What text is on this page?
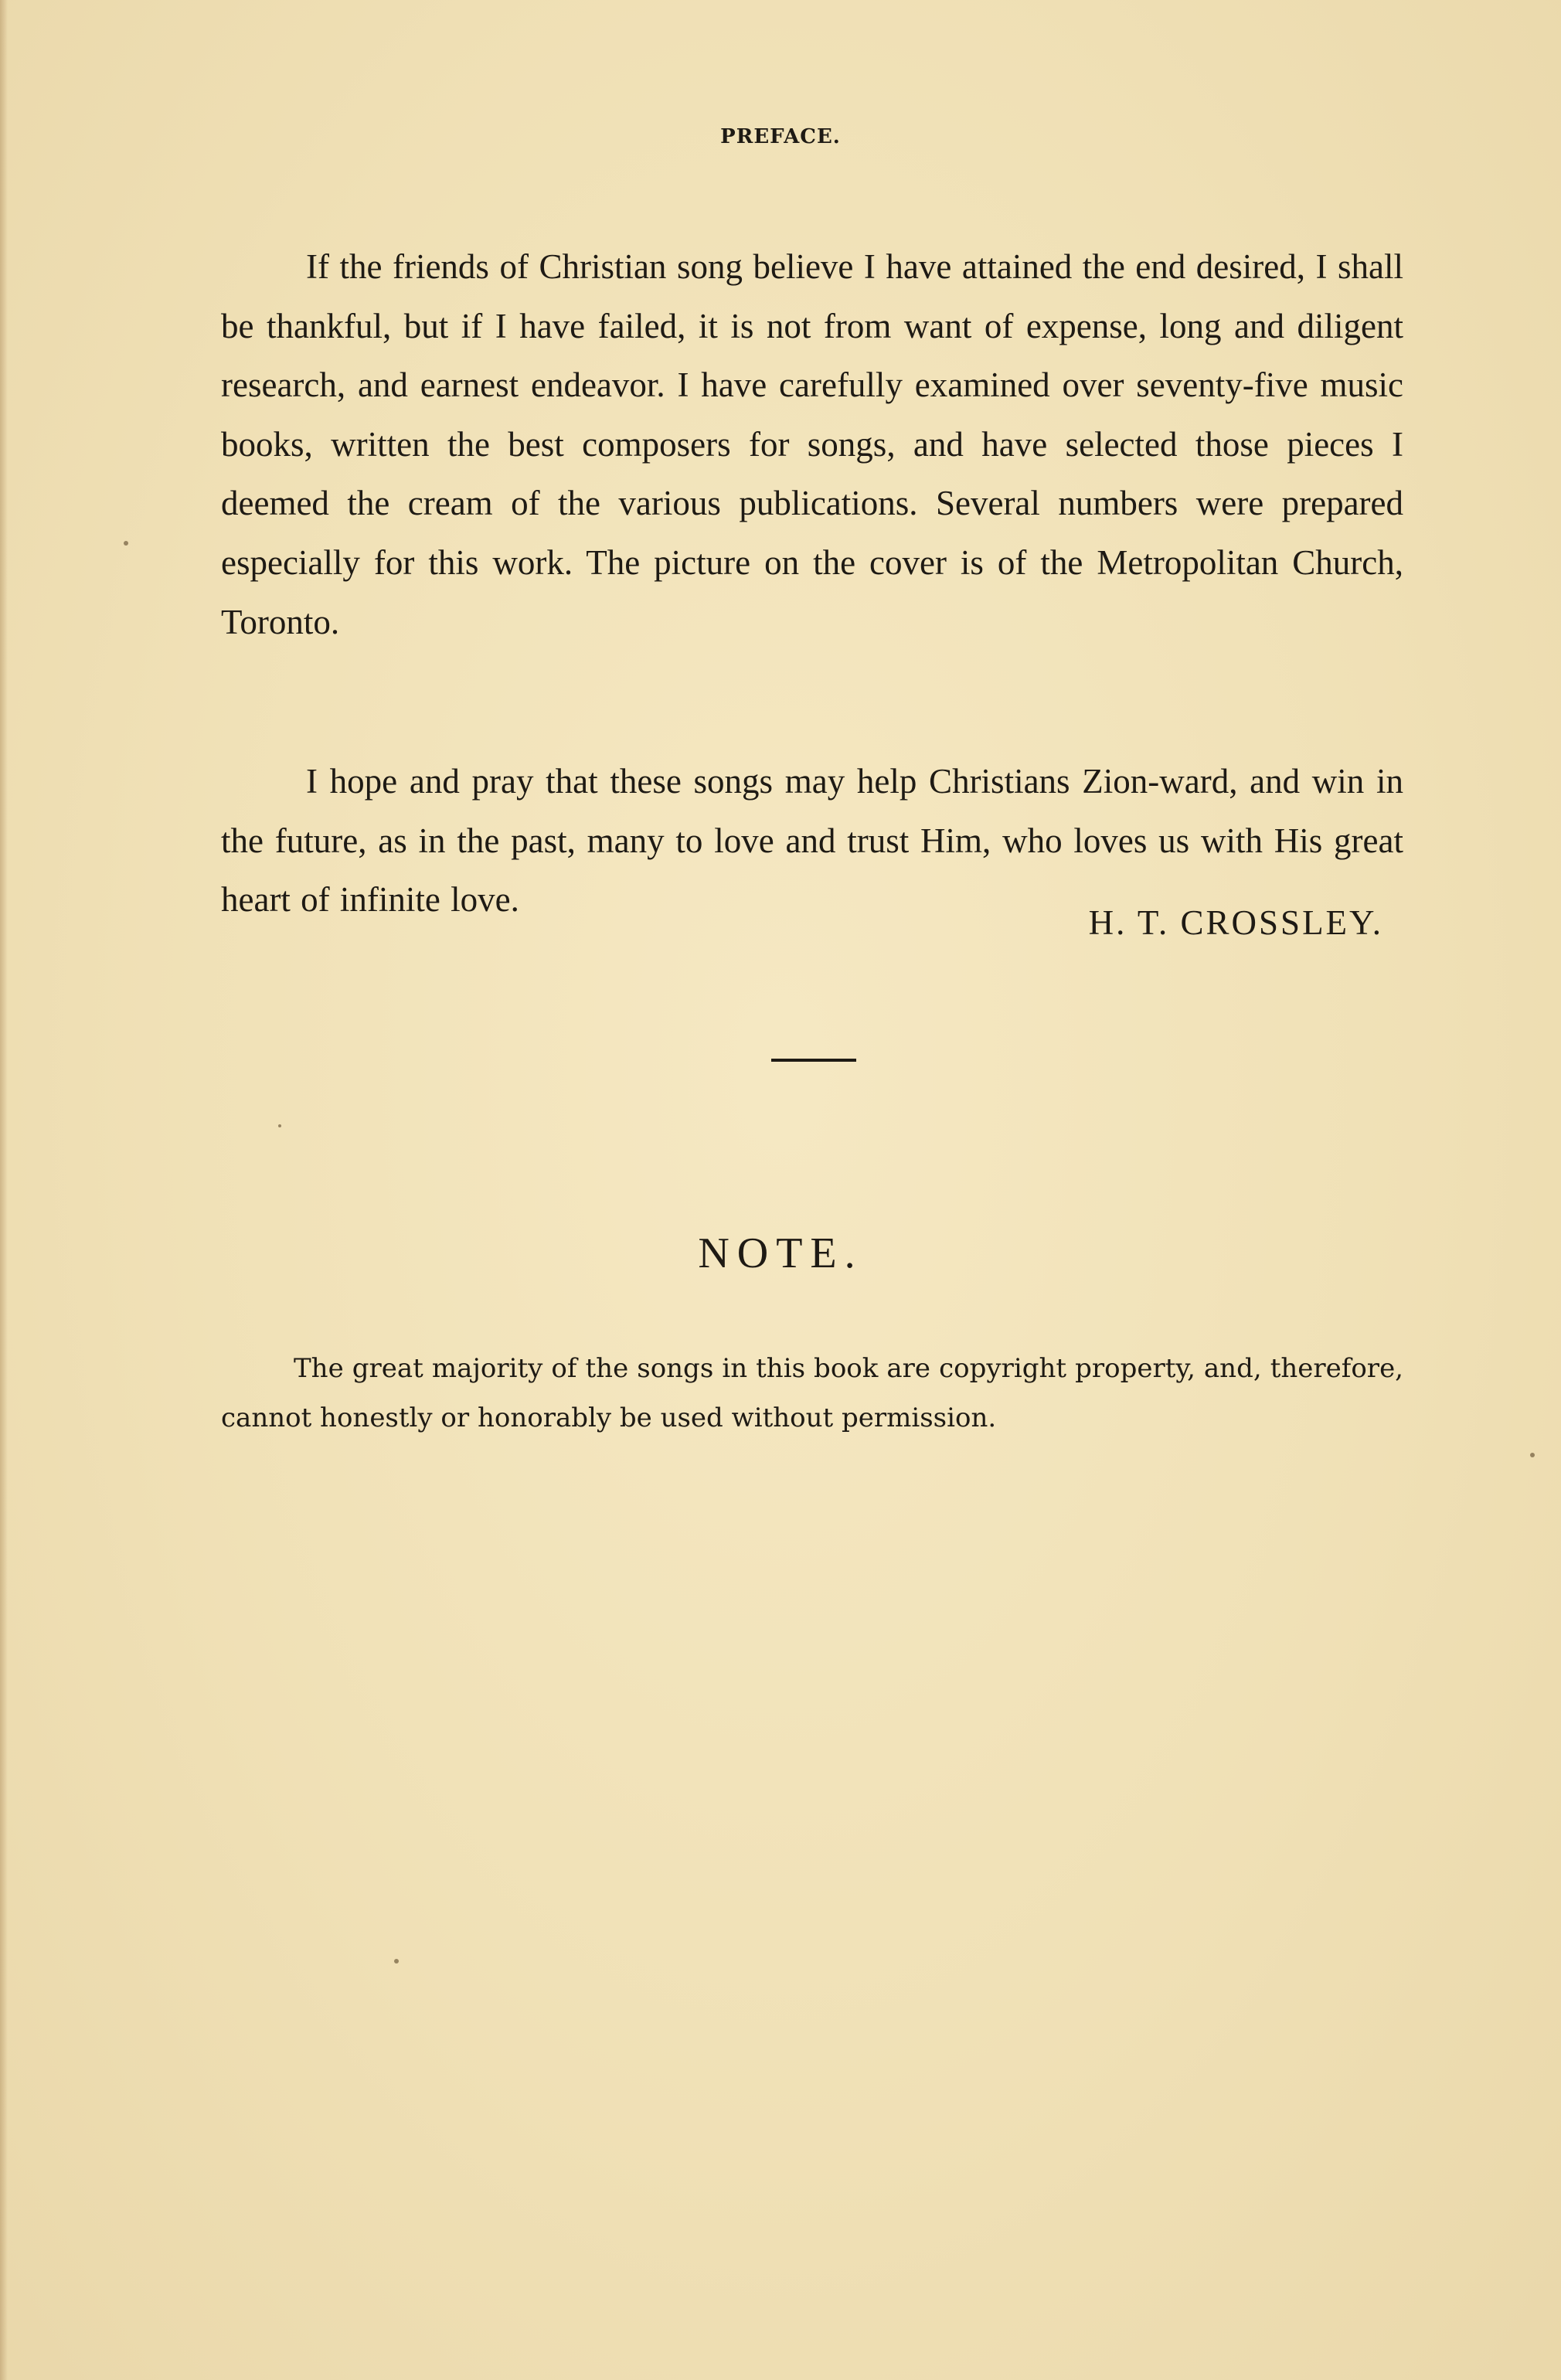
PREFACE.

If the friends of Christian song believe I have attained the end desired, I shall be thankful, but if I have failed, it is not from want of expense, long and diligent research, and earnest endeavor. I have carefully examined over seventy-five music books, written the best composers for songs, and have selected those pieces I deemed the cream of the various publications. Several numbers were prepared especially for this work. The picture on the cover is of the Metropolitan Church, Toronto.

I hope and pray that these songs may help Christians Zion-ward, and win in the future, as in the past, many to love and trust Him, who loves us with His great heart of infinite love.

H. T. CROSSLEY.
NOTE.

The great majority of the songs in this book are copyright property, and, therefore, cannot honestly or honorably be used without permission.
